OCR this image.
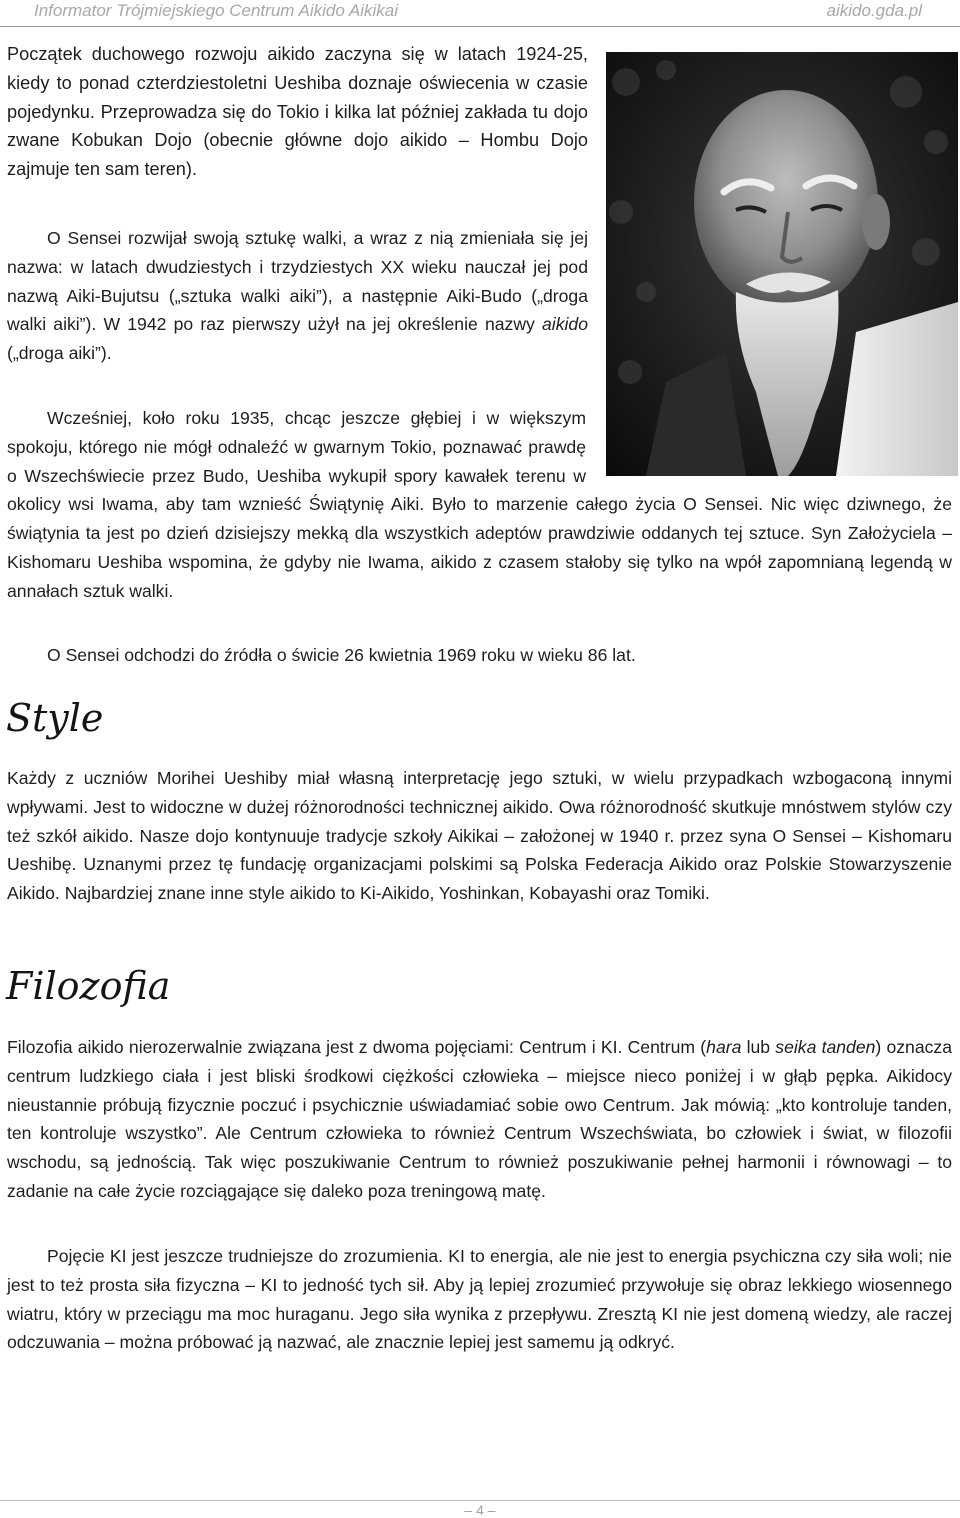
Informator Trójmiejskiego Centrum Aikido Aikikai	aikido.gda.pl

Początek duchowego rozwoju aikido zaczyna się w latach 1924-25, kiedy to ponad czterdziestoletni Ueshiba doznaje oświecenia w czasie pojedynku. Przeprowadza się do Tokio i kilka lat później zakłada tu dojo zwane Kobukan Dojo (obecnie główne dojo aikido – Hombu Dojo zajmuje ten sam teren).

O Sensei rozwijał swoją sztukę walki, a wraz z nią zmieniała się jej nazwa: w latach dwudziestych i trzydziestych XX wieku nauczał jej pod nazwą Aiki-Bujutsu („sztuka walki aiki”), a następnie Aiki-Budo („droga walki aiki”). W 1942 po raz pierwszy użył na jej określenie nazwy aikido („droga aiki”).

Wcześniej, koło roku 1935, chcąc jeszcze głębiej i w większym spokoju, którego nie mógł odnaleźć w gwarnym Tokio, poznawać prawdę o Wszechświecie przez Budo, Ueshiba wykupił spory kawałek terenu w okolicy wsi Iwama, aby tam wznieść Świątynię Aiki. Było to marzenie całego życia O Sensei. Nic więc dziwnego, że świątynia ta jest po dzień dzisiejszy mekką dla wszystkich adeptów prawdziwie oddanych tej sztuce. Syn Założyciela – Kishomaru Ueshiba wspomina, że gdyby nie Iwama, aikido z czasem stałoby się tylko na wpół zapomnianą legendą w annałach sztuk walki.

O Sensei odchodzi do źródła o świcie 26 kwietnia 1969 roku w wieku 86 lat.

Style

Każdy z uczniów Morihei Ueshiby miał własną interpretację jego sztuki, w wielu przypadkach wzbogaconą innymi wpływami. Jest to widoczne w dużej różnorodności technicznej aikido. Owa różnorodność skutkuje mnóstwem stylów czy też szkół aikido. Nasze dojo kontynuuje tradycje szkoły Aikikai – założonej w 1940 r. przez syna O Sensei – Kishomaru Ueshibę. Uznanymi przez tę fundację organizacjami polskimi są Polska Federacja Aikido oraz Polskie Stowarzyszenie Aikido. Najbardziej znane inne style aikido to Ki-Aikido, Yoshinkan, Kobayashi oraz Tomiki.

Filozofia

Filozofia aikido nierozerwalnie związana jest z dwoma pojęciami: Centrum i KI. Centrum (hara lub seika tanden) oznacza centrum ludzkiego ciała i jest bliski środkowi ciężkości człowieka – miejsce nieco poniżej i w głąb pępka. Aikidocy nieustannie próbują fizycznie poczuć i psychicznie uświadamiać sobie owo Centrum. Jak mówią: „kto kontroluje tanden, ten kontroluje wszystko”. Ale Centrum człowieka to również Centrum Wszechświata, bo człowiek i świat, w filozofii wschodu, są jednością. Tak więc poszukiwanie Centrum to również poszukiwanie pełnej harmonii i równowagi – to zadanie na całe życie rozciągające się daleko poza treningową matę.

Pojęcie KI jest jeszcze trudniejsze do zrozumienia. KI to energia, ale nie jest to energia psychiczna czy siła woli; nie jest to też prosta siła fizyczna – KI to jedność tych sił. Aby ją lepiej zrozumieć przywołuje się obraz lekkiego wiosennego wiatru, który w przeciągu ma moc huraganu. Jego siła wynika z przepływu. Zresztą KI nie jest domeną wiedzy, ale raczej odczuwania – można próbować ją nazwać, ale znacznie lepiej jest samemu ją odkryć.

– 4 –
